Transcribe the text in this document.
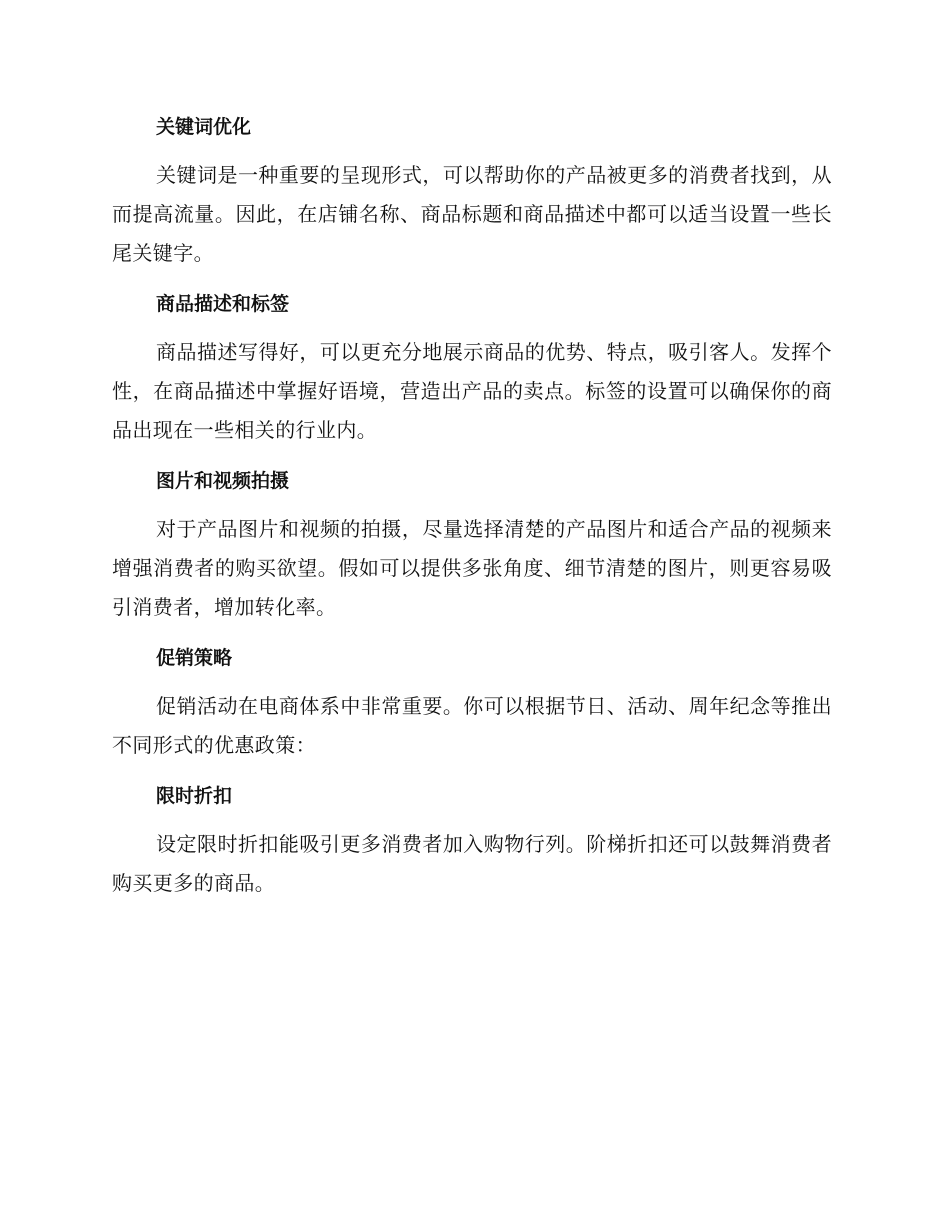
关键词优化

关键词是一种重要的呈现形式，可以帮助你的产品被更多的消费者找到，从而提高流量。因此，在店铺名称、商品标题和商品描述中都可以适当设置一些长尾关键字。

商品描述和标签

商品描述写得好，可以更充分地展示商品的优势、特点，吸引客人。发挥个性，在商品描述中掌握好语境，营造出产品的卖点。标签的设置可以确保你的商品出现在一些相关的行业内。

图片和视频拍摄

对于产品图片和视频的拍摄，尽量选择清楚的产品图片和适合产品的视频来增强消费者的购买欲望。假如可以提供多张角度、细节清楚的图片，则更容易吸引消费者，增加转化率。

促销策略

促销活动在电商体系中非常重要。你可以根据节日、活动、周年纪念等推出不同形式的优惠政策：

限时折扣

设定限时折扣能吸引更多消费者加入购物行列。阶梯折扣还可以鼓舞消费者购买更多的商品。
